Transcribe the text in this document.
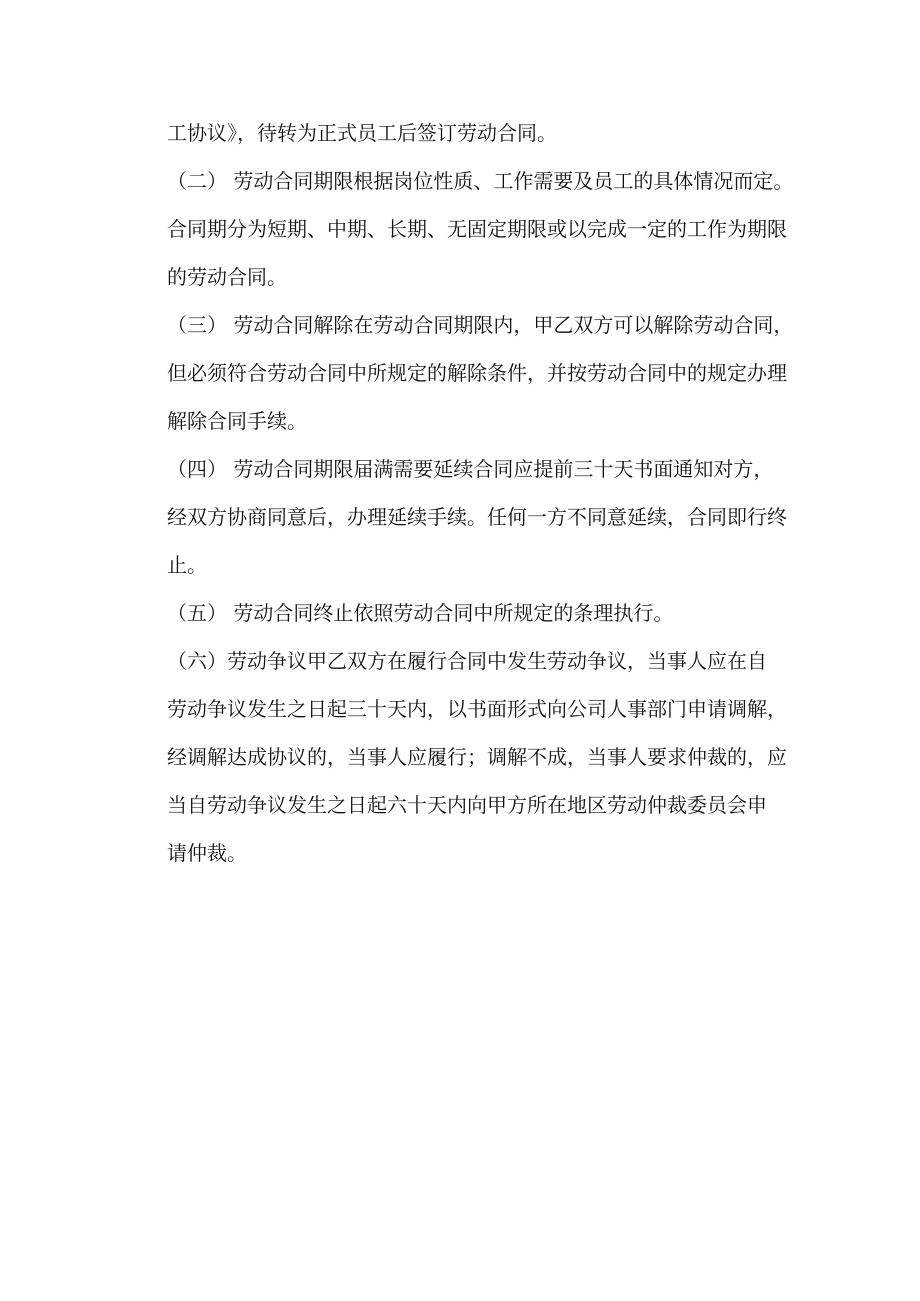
工协议》，待转为正式员工后签订劳动合同。
（二） 劳动合同期限根据岗位性质、工作需要及员工的具体情况而定。
合同期分为短期、中期、长期、无固定期限或以完成一定的工作为期限
的劳动合同。
（三） 劳动合同解除在劳动合同期限内，甲乙双方可以解除劳动合同，
但必须符合劳动合同中所规定的解除条件，并按劳动合同中的规定办理
解除合同手续。
（四） 劳动合同期限届满需要延续合同应提前三十天书面通知对方，
经双方协商同意后，办理延续手续。任何一方不同意延续，合同即行终
止。
（五） 劳动合同终止依照劳动合同中所规定的条理执行。
（六）劳动争议甲乙双方在履行合同中发生劳动争议，当事人应在自
劳动争议发生之日起三十天内，以书面形式向公司人事部门申请调解，
经调解达成协议的，当事人应履行；调解不成，当事人要求仲裁的，应
当自劳动争议发生之日起六十天内向甲方所在地区劳动仲裁委员会申
请仲裁。
